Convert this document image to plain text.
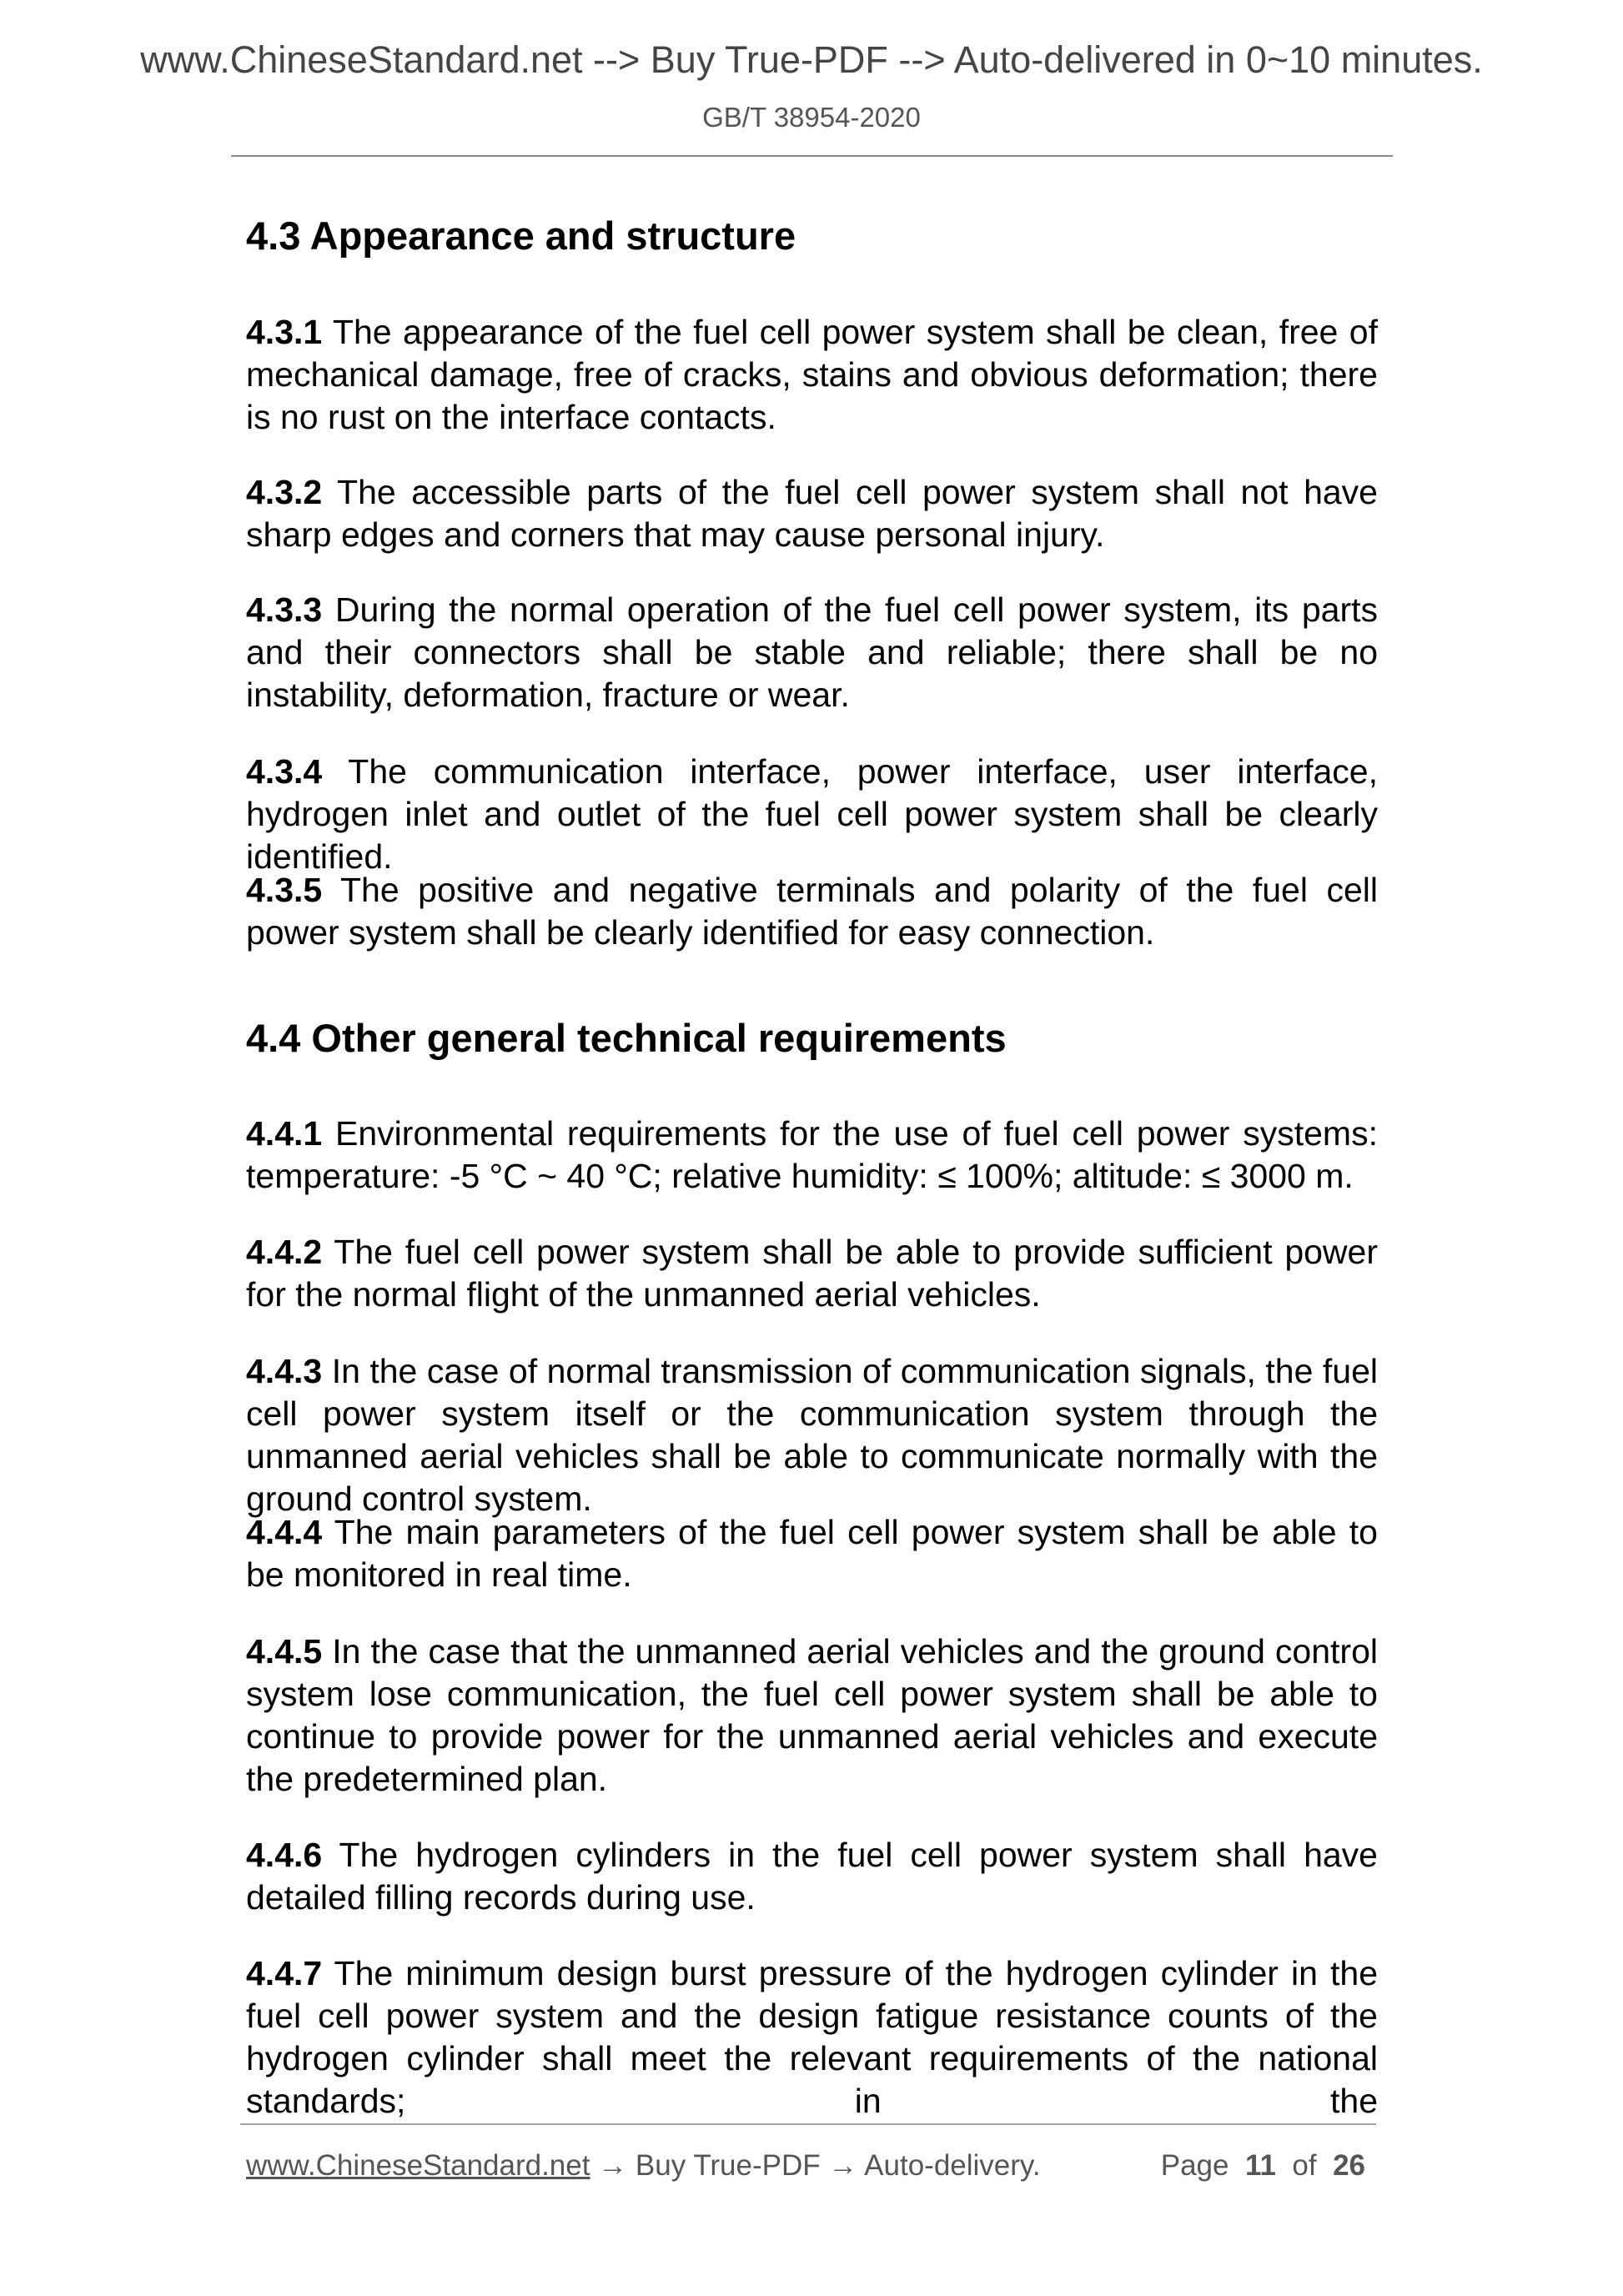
www.ChineseStandard.net --> Buy True-PDF --> Auto-delivered in 0~10 minutes.
GB/T 38954-2020
4.3 Appearance and structure

4.3.1 The appearance of the fuel cell power system shall be clean, free of mechanical damage, free of cracks, stains and obvious deformation; there is no rust on the interface contacts.

4.3.2 The accessible parts of the fuel cell power system shall not have sharp edges and corners that may cause personal injury.

4.3.3 During the normal operation of the fuel cell power system, its parts and their connectors shall be stable and reliable; there shall be no instability, deformation, fracture or wear.

4.3.4 The communication interface, power interface, user interface, hydrogen inlet and outlet of the fuel cell power system shall be clearly identified.

4.3.5 The positive and negative terminals and polarity of the fuel cell power system shall be clearly identified for easy connection.

4.4 Other general technical requirements

4.4.1 Environmental requirements for the use of fuel cell power systems: temperature: -5 °C ~ 40 °C; relative humidity: ≤ 100%; altitude: ≤ 3000 m.

4.4.2 The fuel cell power system shall be able to provide sufficient power for the normal flight of the unmanned aerial vehicles.

4.4.3 In the case of normal transmission of communication signals, the fuel cell power system itself or the communication system through the unmanned aerial vehicles shall be able to communicate normally with the ground control system.

4.4.4 The main parameters of the fuel cell power system shall be able to be monitored in real time.

4.4.5 In the case that the unmanned aerial vehicles and the ground control system lose communication, the fuel cell power system shall be able to continue to provide power for the unmanned aerial vehicles and execute the predetermined plan.

4.4.6 The hydrogen cylinders in the fuel cell power system shall have detailed filling records during use.

4.4.7 The minimum design burst pressure of the hydrogen cylinder in the fuel cell power system and the design fatigue resistance counts of the hydrogen cylinder shall meet the relevant requirements of the national standards; in the

www.ChineseStandard.net → Buy True-PDF → Auto-delivery.	Page 11 of 26
